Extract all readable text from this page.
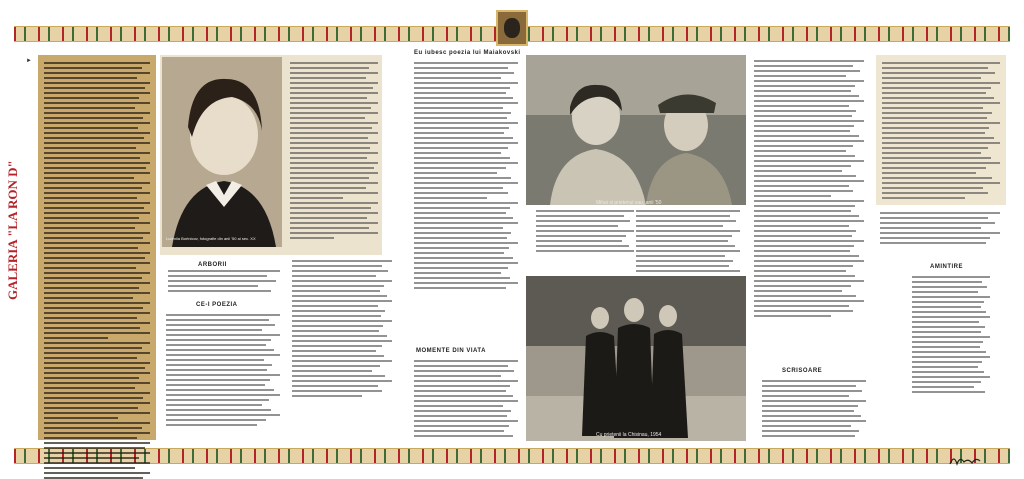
GALERIA "LA RON D"
►
Ludmila Bortnicov, fotografie din anii '50 ai sec. XX
ARBORII
CE-I POEZIA
Eu iubesc poezia lui Maiakovski
MOMENTE DIN VIATA
Mihai si prietenul sau, anii '50
Cu prietenii la Chisinau, 1954
SCRISOARE
AMINTIRE
